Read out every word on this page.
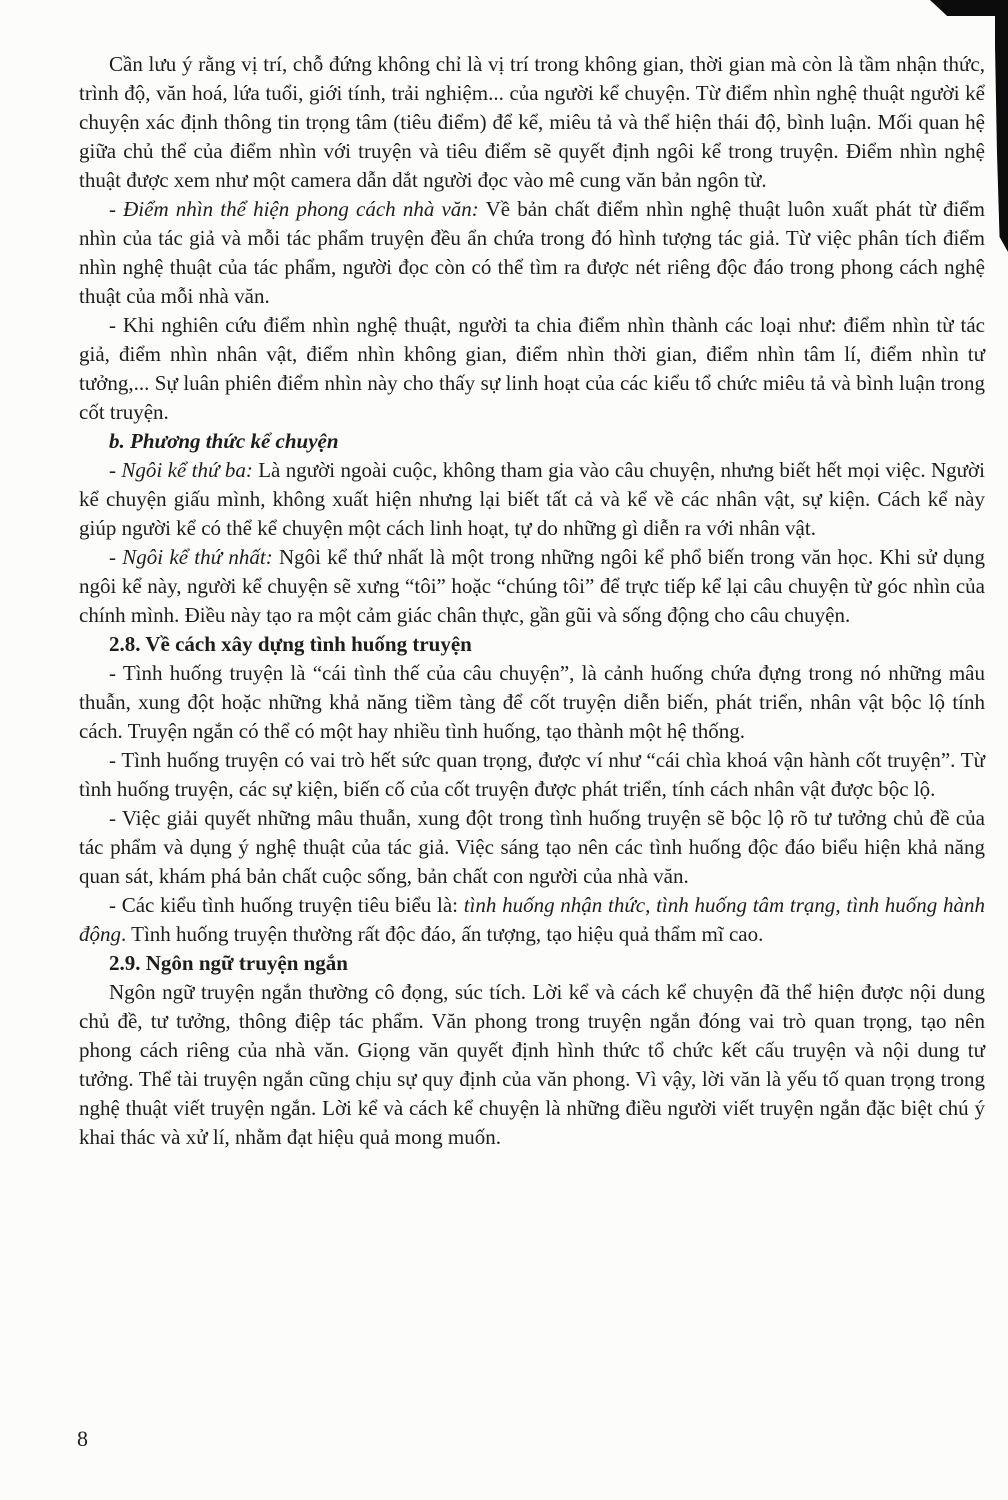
Cần lưu ý rằng vị trí, chỗ đứng không chỉ là vị trí trong không gian, thời gian mà còn là tầm nhận thức, trình độ, văn hoá, lứa tuổi, giới tính, trải nghiệm... của người kể chuyện. Từ điểm nhìn nghệ thuật người kể chuyện xác định thông tin trọng tâm (tiêu điểm) để kể, miêu tả và thể hiện thái độ, bình luận. Mối quan hệ giữa chủ thể của điểm nhìn với truyện và tiêu điểm sẽ quyết định ngôi kể trong truyện. Điểm nhìn nghệ thuật được xem như một camera dẫn dắt người đọc vào mê cung văn bản ngôn từ.

- Điểm nhìn thể hiện phong cách nhà văn: Về bản chất điểm nhìn nghệ thuật luôn xuất phát từ điểm nhìn của tác giả và mỗi tác phẩm truyện đều ẩn chứa trong đó hình tượng tác giả. Từ việc phân tích điểm nhìn nghệ thuật của tác phẩm, người đọc còn có thể tìm ra được nét riêng độc đáo trong phong cách nghệ thuật của mỗi nhà văn.

- Khi nghiên cứu điểm nhìn nghệ thuật, người ta chia điểm nhìn thành các loại như: điểm nhìn từ tác giả, điểm nhìn nhân vật, điểm nhìn không gian, điểm nhìn thời gian, điểm nhìn tâm lí, điểm nhìn tư tưởng,... Sự luân phiên điểm nhìn này cho thấy sự linh hoạt của các kiểu tổ chức miêu tả và bình luận trong cốt truyện.

b. Phương thức kể chuyện

- Ngôi kể thứ ba: Là người ngoài cuộc, không tham gia vào câu chuyện, nhưng biết hết mọi việc. Người kể chuyện giấu mình, không xuất hiện nhưng lại biết tất cả và kể về các nhân vật, sự kiện. Cách kể này giúp người kể có thể kể chuyện một cách linh hoạt, tự do những gì diễn ra với nhân vật.

- Ngôi kể thứ nhất: Ngôi kể thứ nhất là một trong những ngôi kể phổ biến trong văn học. Khi sử dụng ngôi kể này, người kể chuyện sẽ xưng “tôi” hoặc “chúng tôi” để trực tiếp kể lại câu chuyện từ góc nhìn của chính mình. Điều này tạo ra một cảm giác chân thực, gần gũi và sống động cho câu chuyện.

2.8. Về cách xây dựng tình huống truyện

- Tình huống truyện là “cái tình thế của câu chuyện”, là cảnh huống chứa đựng trong nó những mâu thuẫn, xung đột hoặc những khả năng tiềm tàng để cốt truyện diễn biến, phát triển, nhân vật bộc lộ tính cách. Truyện ngắn có thể có một hay nhiều tình huống, tạo thành một hệ thống.

- Tình huống truyện có vai trò hết sức quan trọng, được ví như “cái chìa khoá vận hành cốt truyện”. Từ tình huống truyện, các sự kiện, biến cố của cốt truyện được phát triển, tính cách nhân vật được bộc lộ.

- Việc giải quyết những mâu thuẫn, xung đột trong tình huống truyện sẽ bộc lộ rõ tư tưởng chủ đề của tác phẩm và dụng ý nghệ thuật của tác giả. Việc sáng tạo nên các tình huống độc đáo biểu hiện khả năng quan sát, khám phá bản chất cuộc sống, bản chất con người của nhà văn.

- Các kiểu tình huống truyện tiêu biểu là: tình huống nhận thức, tình huống tâm trạng, tình huống hành động. Tình huống truyện thường rất độc đáo, ấn tượng, tạo hiệu quả thẩm mĩ cao.

2.9. Ngôn ngữ truyện ngắn

Ngôn ngữ truyện ngắn thường cô đọng, súc tích. Lời kể và cách kể chuyện đã thể hiện được nội dung chủ đề, tư tưởng, thông điệp tác phẩm. Văn phong trong truyện ngắn đóng vai trò quan trọng, tạo nên phong cách riêng của nhà văn. Giọng văn quyết định hình thức tổ chức kết cấu truyện và nội dung tư tưởng. Thể tài truyện ngắn cũng chịu sự quy định của văn phong. Vì vậy, lời văn là yếu tố quan trọng trong nghệ thuật viết truyện ngắn. Lời kể và cách kể chuyện là những điều người viết truyện ngắn đặc biệt chú ý khai thác và xử lí, nhằm đạt hiệu quả mong muốn.

8
